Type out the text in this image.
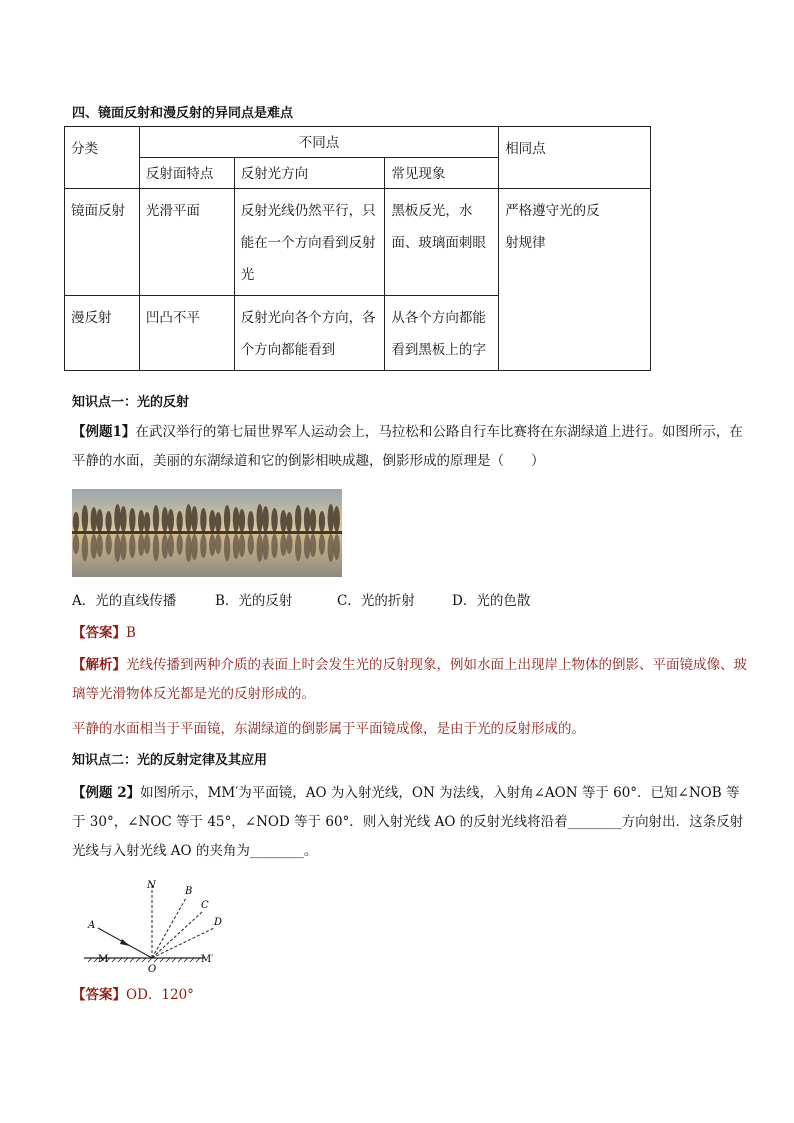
四、镜面反射和漫反射的异同点是难点
分类	不同点			相同点
	反射面特点	反射光方向	常见现象	
镜面反射	光滑平面	反射光线仍然平行，只能在一个方向看到反射光	黑板反光，水面、玻璃面刺眼	严格遵守光的反射规律
漫反射	凹凸不平	反射光向各个方向，各个方向都能看到	从各个方向都能看到黑板上的字	
知识点一：光的反射
【例题1】在武汉举行的第七届世界军人运动会上，马拉松和公路自行车比赛将在东湖绿道上进行。如图所示，在平静的水面，美丽的东湖绿道和它的倒影相映成趣，倒影形成的原理是（　　）
A．光的直线传播	B．光的反射	C．光的折射	D．光的色散
【答案】B
【解析】光线传播到两种介质的表面上时会发生光的反射现象，例如水面上出现岸上物体的倒影、平面镜成像、玻璃等光滑物体反光都是光的反射形成的。
平静的水面相当于平面镜，东湖绿道的倒影属于平面镜成像，是由于光的反射形成的。
知识点二：光的反射定律及其应用
【例题 2】如图所示，MM′为平面镜，AO 为入射光线，ON 为法线，入射角∠AON 等于 60°．已知∠NOB 等于 30°，∠NOC 等于 45°，∠NOD 等于 60°．则入射光线 AO 的反射光线将沿着________方向射出．这条反射光线与入射光线 AO 的夹角为________。
N
B
C
D
A
M
O
M′
【答案】OD．120°
